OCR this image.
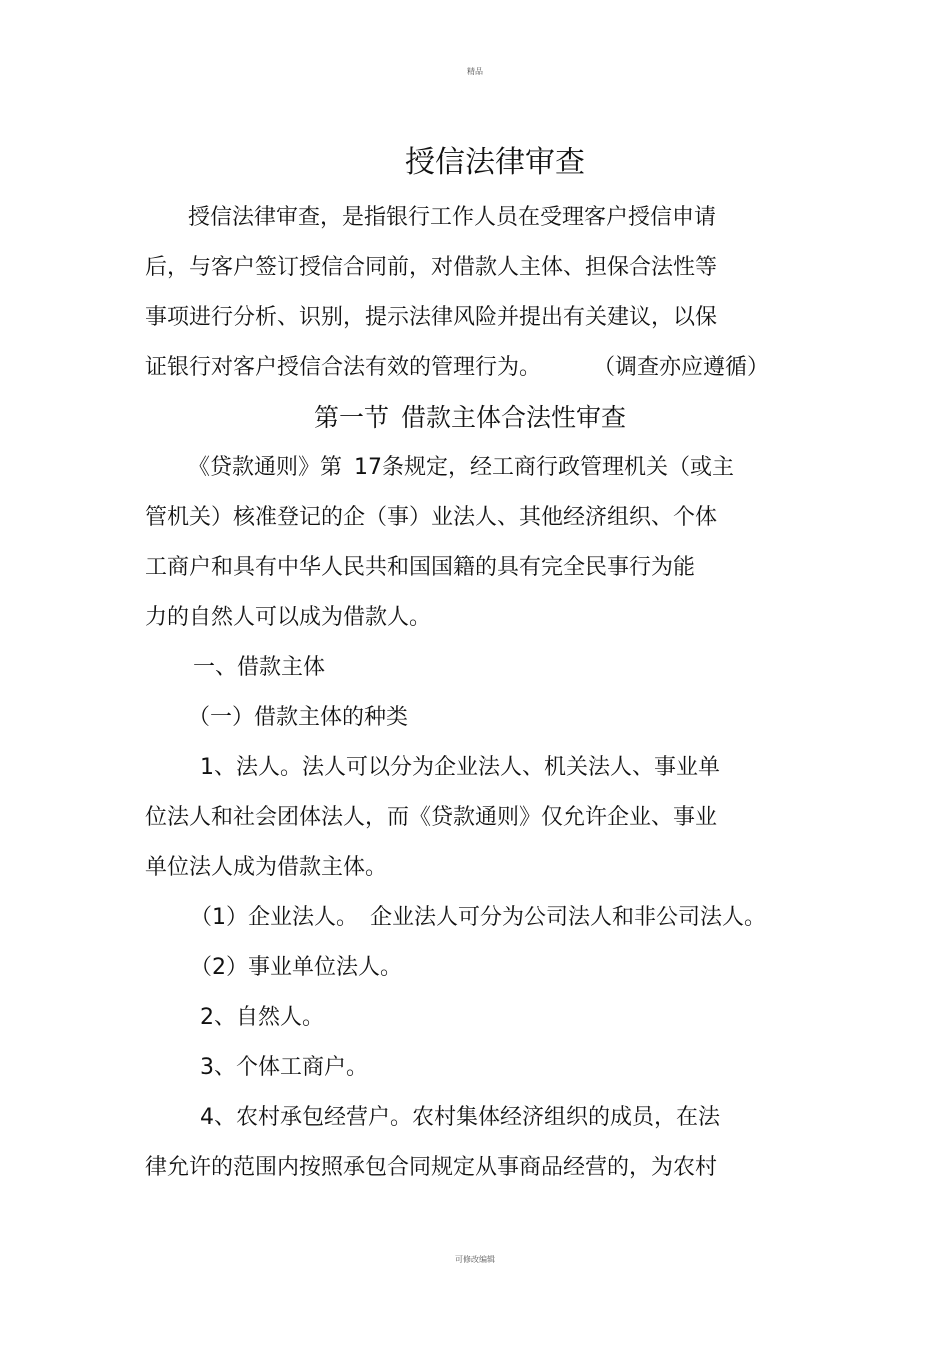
精品
授信法律审查
授信法律审查，是指银行工作人员在受理客户授信申请
后，与客户签订授信合同前，对借款人主体、担保合法性等
事项进行分析、识别，提示法律风险并提出有关建议，以保
证银行对客户授信合法有效的管理行为。 （调查亦应遵循）
第一节 借款主体合法性审查
《贷款通则》第 17条规定，经工商行政管理机关（或主
管机关）核准登记的企（事）业法人、其他经济组织、个体
工商户和具有中华人民共和国国籍的具有完全民事行为能
力的自然人可以成为借款人。
一、借款主体
（一）借款主体的种类
1、法人。法人可以分为企业法人、机关法人、事业单
位法人和社会团体法人，而《贷款通则》仅允许企业、事业
单位法人成为借款主体。
（1）企业法人。 企业法人可分为公司法人和非公司法人。
（2）事业单位法人。
2、自然人。
3、个体工商户。
4、农村承包经营户。农村集体经济组织的成员，在法
律允许的范围内按照承包合同规定从事商品经营的，为农村
可修改编辑
